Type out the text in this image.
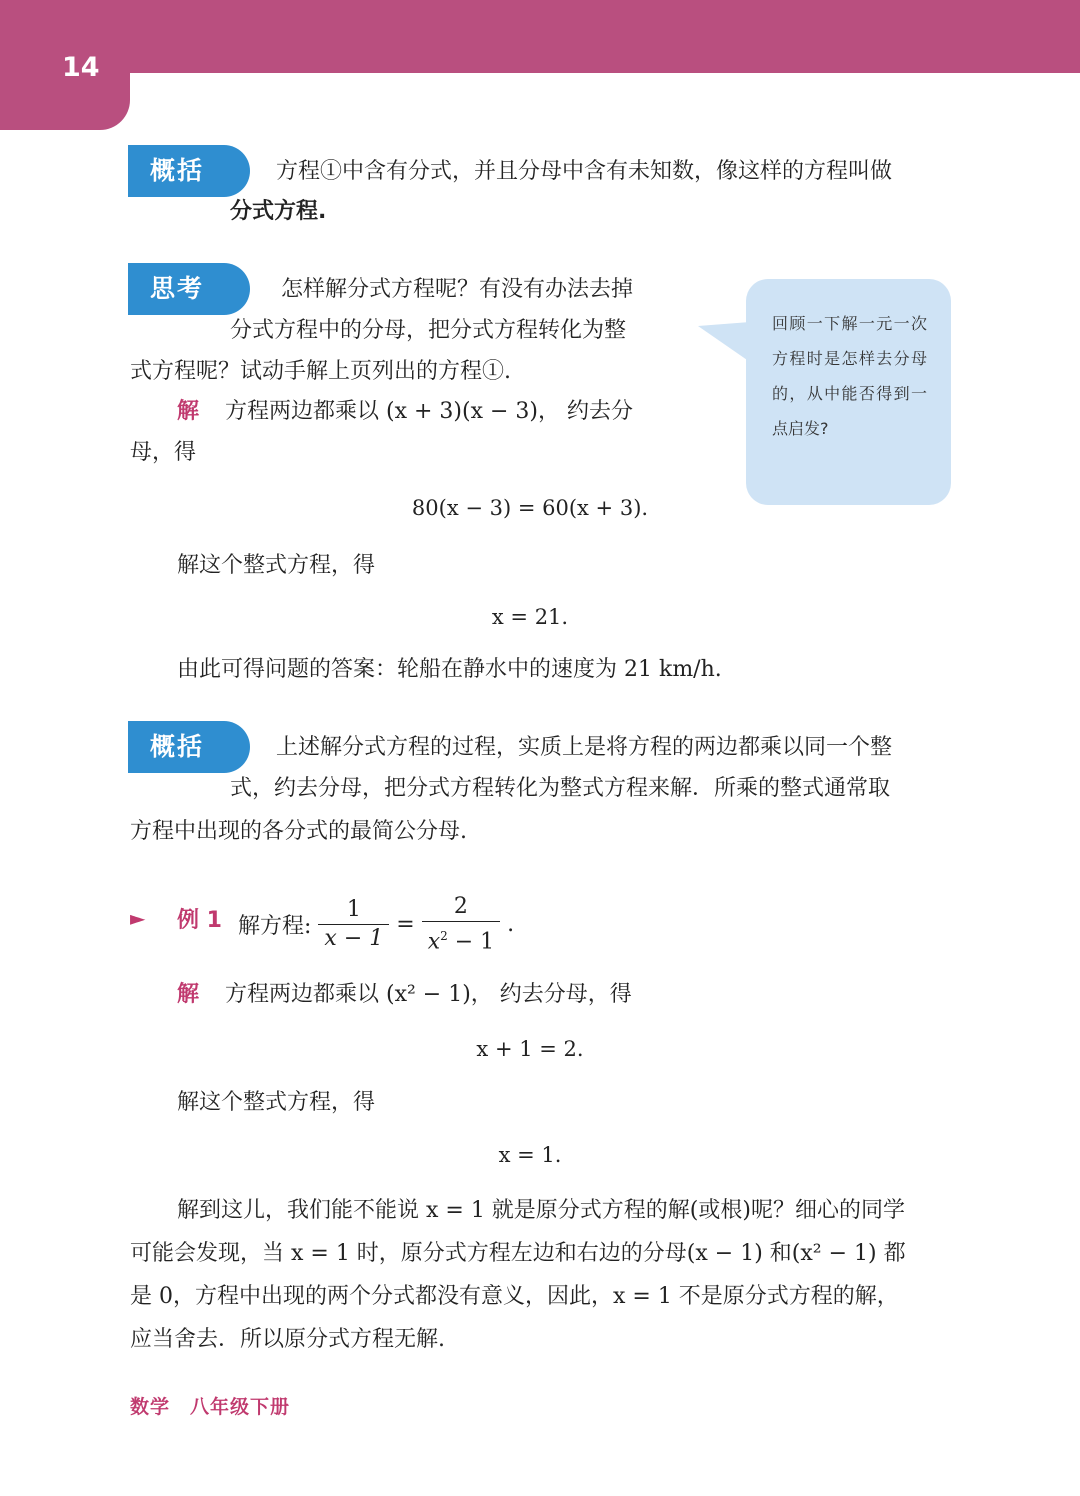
14
概括	方程①中含有分式，并且分母中含有未知数，像这样的方程叫做
分式方程.
思考	怎样解分式方程呢？有没有办法去掉
分式方程中的分母，把分式方程转化为整
式方程呢？试动手解上页列出的方程①.
解 方程两边都乘以 (x + 3)(x − 3)， 约去分
母，得
80(x − 3) = 60(x + 3).
解这个整式方程，得
x = 21.
由此可得问题的答案：轮船在静水中的速度为 21 km/h.
回顾一下解一元一次方程时是怎样去分母的，从中能否得到一点启发?
概括	上述解分式方程的过程，实质上是将方程的两边都乘以同一个整
式，约去分母，把分式方程转化为整式方程来解．所乘的整式通常取
方程中出现的各分式的最简公分母.
► 例 1 解方程: $\frac{1}{x - 1} = \frac{2}{x^2 - 1}$ .
解 方程两边都乘以 (x² − 1)， 约去分母，得
x + 1 = 2.
解这个整式方程，得
x = 1.
解到这儿，我们能不能说 x = 1 就是原分式方程的解(或根)呢？细心的同学
可能会发现，当 x = 1 时，原分式方程左边和右边的分母(x − 1) 和(x² − 1) 都
是 0，方程中出现的两个分式都没有意义，因此，x = 1 不是原分式方程的解，
应当舍去．所以原分式方程无解.
数学　八年级下册
